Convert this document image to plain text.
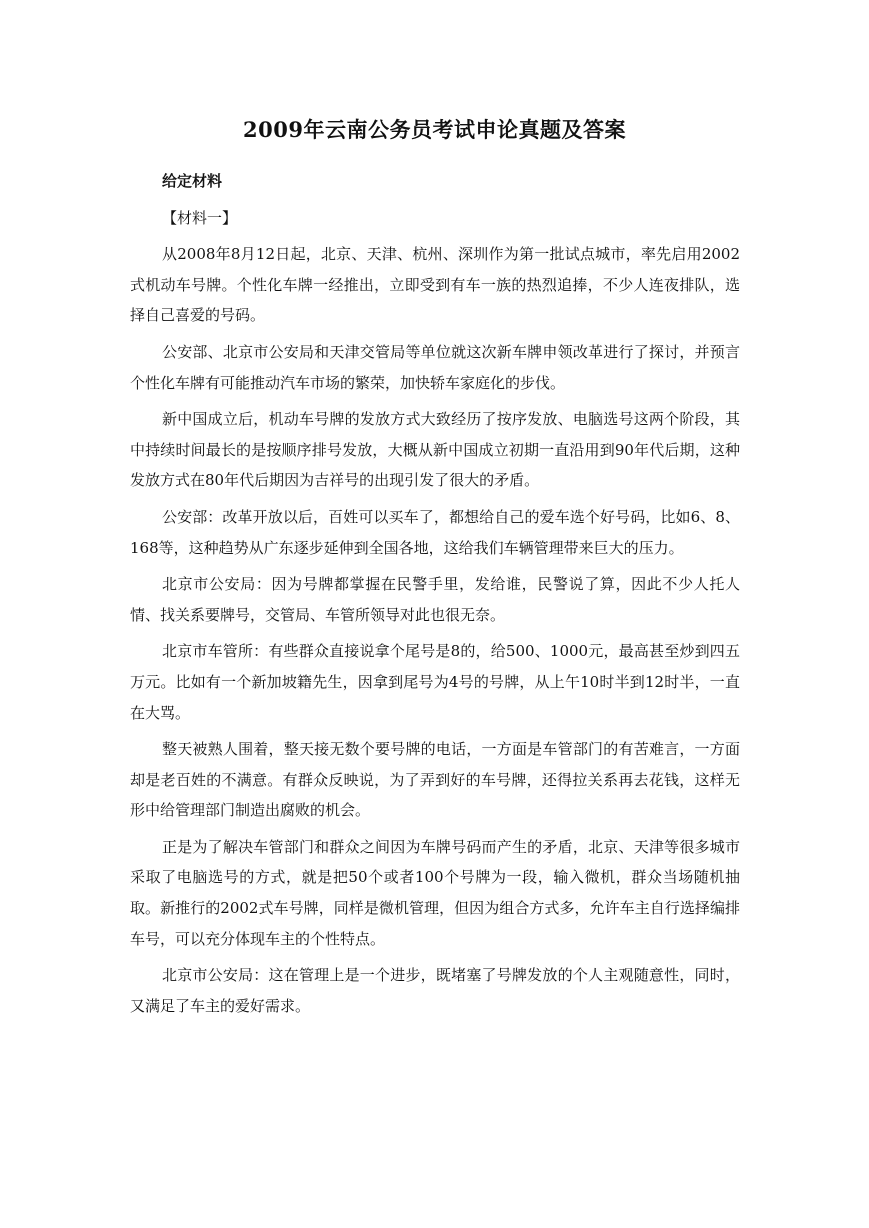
2009年云南公务员考试申论真题及答案

给定材料

【材料一】

从2008年8月12日起，北京、天津、杭州、深圳作为第一批试点城市，率先启用2002式机动车号牌。个性化车牌一经推出，立即受到有车一族的热烈追捧，不少人连夜排队，选择自己喜爱的号码。

公安部、北京市公安局和天津交管局等单位就这次新车牌申领改革进行了探讨，并预言个性化车牌有可能推动汽车市场的繁荣，加快轿车家庭化的步伐。

新中国成立后，机动车号牌的发放方式大致经历了按序发放、电脑选号这两个阶段，其中持续时间最长的是按顺序排号发放，大概从新中国成立初期一直沿用到90年代后期，这种发放方式在80年代后期因为吉祥号的出现引发了很大的矛盾。

公安部：改革开放以后，百姓可以买车了，都想给自己的爱车选个好号码，比如6、8、168等，这种趋势从广东逐步延伸到全国各地，这给我们车辆管理带来巨大的压力。

北京市公安局：因为号牌都掌握在民警手里，发给谁，民警说了算，因此不少人托人情、找关系要牌号，交管局、车管所领导对此也很无奈。

北京市车管所：有些群众直接说拿个尾号是8的，给500、1000元，最高甚至炒到四五万元。比如有一个新加坡籍先生，因拿到尾号为4号的号牌，从上午10时半到12时半，一直在大骂。

整天被熟人围着，整天接无数个要号牌的电话，一方面是车管部门的有苦难言，一方面却是老百姓的不满意。有群众反映说，为了弄到好的车号牌，还得拉关系再去花钱，这样无形中给管理部门制造出腐败的机会。

正是为了解决车管部门和群众之间因为车牌号码而产生的矛盾，北京、天津等很多城市采取了电脑选号的方式，就是把50个或者100个号牌为一段，输入微机，群众当场随机抽取。新推行的2002式车号牌，同样是微机管理，但因为组合方式多，允许车主自行选择编排车号，可以充分体现车主的个性特点。

北京市公安局：这在管理上是一个进步，既堵塞了号牌发放的个人主观随意性，同时，又满足了车主的爱好需求。
